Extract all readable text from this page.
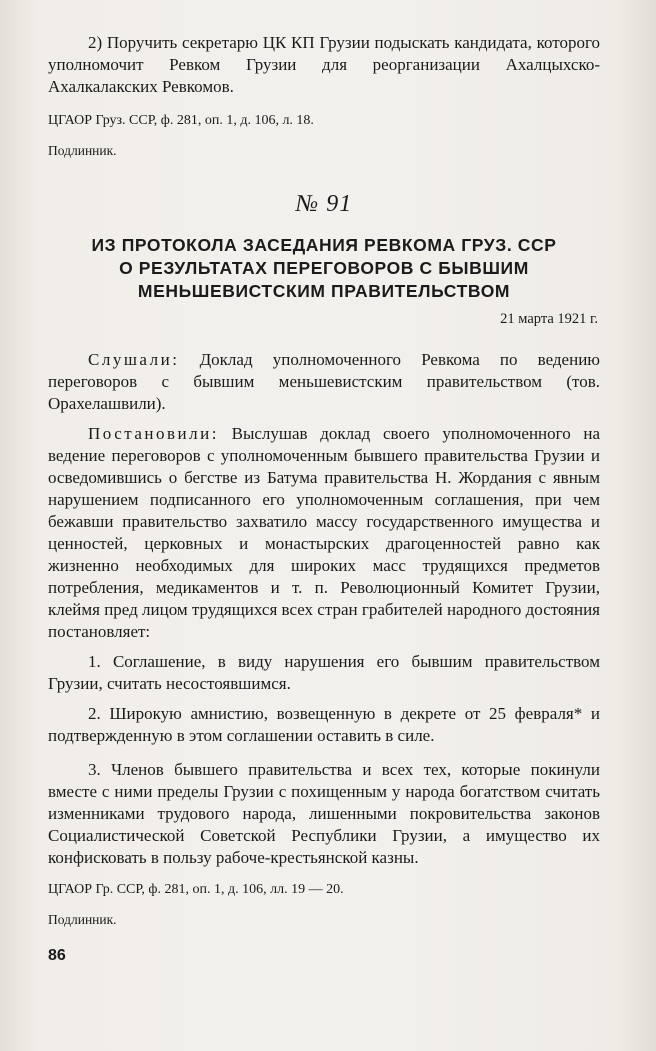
2) Поручить секретарю ЦК КП Грузии подыскать кандидата, которого уполномочит Ревком Грузии для реорганизации Ахалцыхско-Ахалкалакских Ревкомов.

ЦГАОР Груз. ССР, ф. 281, оп. 1, д. 106, л. 18.

Подлинник.

№ 91
ИЗ ПРОТОКОЛА ЗАСЕДАНИЯ РЕВКОМА ГРУЗ. ССР
О РЕЗУЛЬТАТАХ ПЕРЕГОВОРОВ С БЫВШИМ
МЕНЬШЕВИСТСКИМ ПРАВИТЕЛЬСТВОМ
21 марта 1921 г.

Слушали: Доклад уполномоченного Ревкома по ведению переговоров с бывшим меньшевистским правительством (тов. Орахелашвили).

Постановили: Выслушав доклад своего уполномоченного на ведение переговоров с уполномоченным бывшего правительства Грузии и осведомившись о бегстве из Батума правительства Н. Жордания с явным нарушением подписанного его уполномоченным соглашения, при чем бежавши правительство захватило массу государственного имущества и ценностей, церковных и монастырских драгоценностей равно как жизненно необходимых для широких масс трудящихся предметов потребления, медикаментов и т. п. Революционный Комитет Грузии, клеймя пред лицом трудящихся всех стран грабителей народного достояния постановляет:

1. Соглашение, в виду нарушения его бывшим правительством Грузии, считать несостоявшимся.

2. Широкую амнистию, возвещенную в декрете от 25 февраля* и подтвержденную в этом соглашении оставить в силе.

3. Членов бывшего правительства и всех тех, которые покинули вместе с ними пределы Грузии с похищенным у народа богатством считать изменниками трудового народа, лишенными покровительства законов Социалистической Советской Республики Грузии, а имущество их конфисковать в пользу рабоче-крестьянской казны.

ЦГАОР Гр. ССР, ф. 281, оп. 1, д. 106, лл. 19 — 20.

Подлинник.

86
